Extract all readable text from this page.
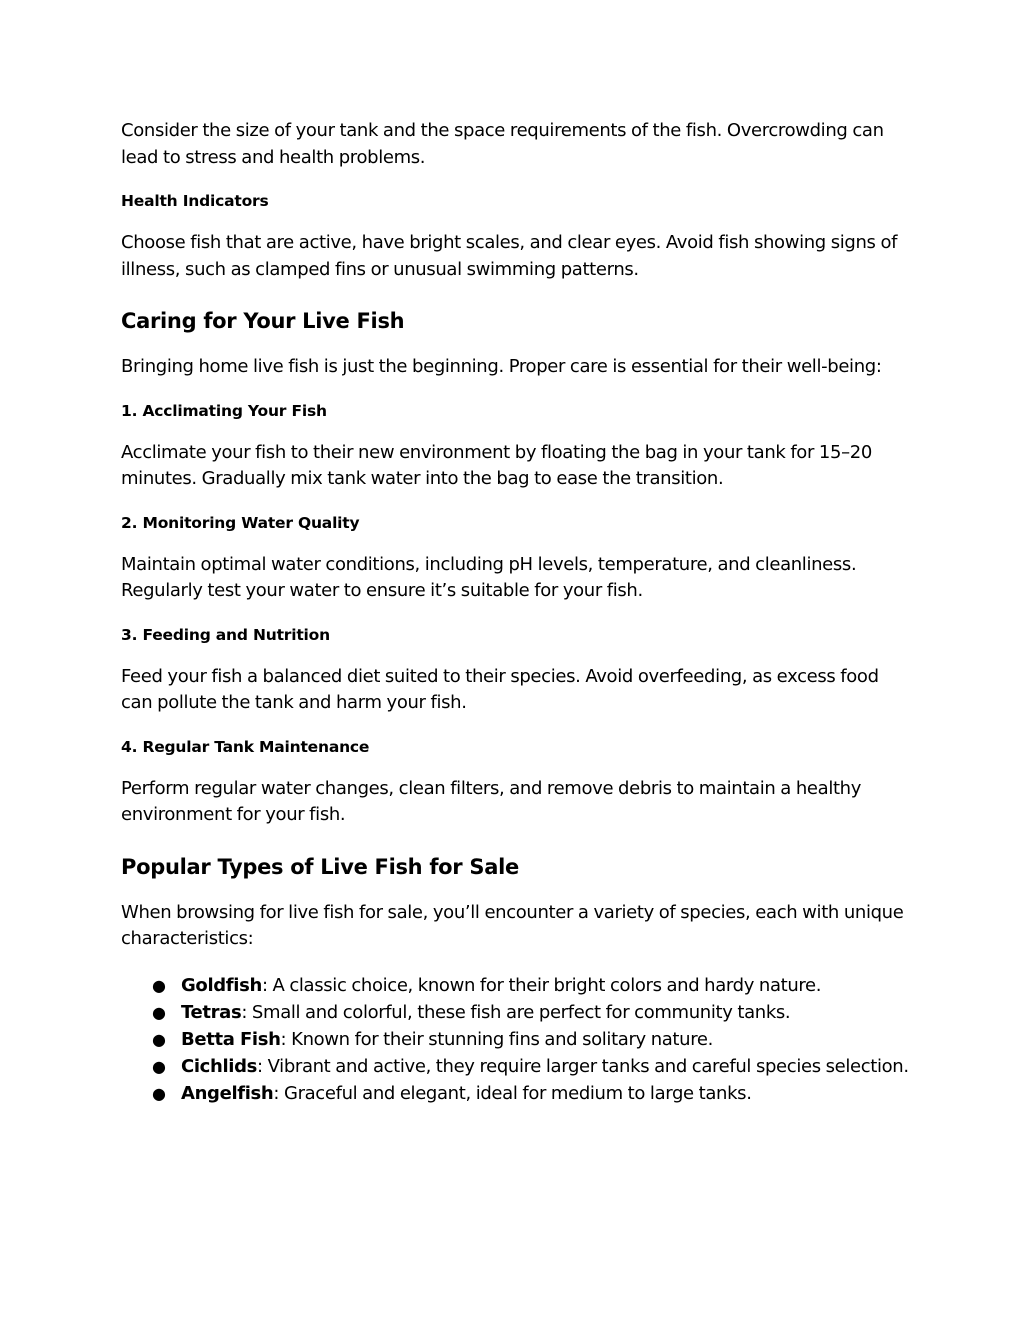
Consider the size of your tank and the space requirements of the fish. Overcrowding can lead to stress and health problems.

Health Indicators

Choose fish that are active, have bright scales, and clear eyes. Avoid fish showing signs of illness, such as clamped fins or unusual swimming patterns.

Caring for Your Live Fish

Bringing home live fish is just the beginning. Proper care is essential for their well-being:

1. Acclimating Your Fish

Acclimate your fish to their new environment by floating the bag in your tank for 15–20 minutes. Gradually mix tank water into the bag to ease the transition.

2. Monitoring Water Quality

Maintain optimal water conditions, including pH levels, temperature, and cleanliness. Regularly test your water to ensure it’s suitable for your fish.

3. Feeding and Nutrition

Feed your fish a balanced diet suited to their species. Avoid overfeeding, as excess food can pollute the tank and harm your fish.

4. Regular Tank Maintenance

Perform regular water changes, clean filters, and remove debris to maintain a healthy environment for your fish.

Popular Types of Live Fish for Sale

When browsing for live fish for sale, you’ll encounter a variety of species, each with unique characteristics:

● Goldfish: A classic choice, known for their bright colors and hardy nature.
● Tetras: Small and colorful, these fish are perfect for community tanks.
● Betta Fish: Known for their stunning fins and solitary nature.
● Cichlids: Vibrant and active, they require larger tanks and careful species selection.
● Angelfish: Graceful and elegant, ideal for medium to large tanks.
